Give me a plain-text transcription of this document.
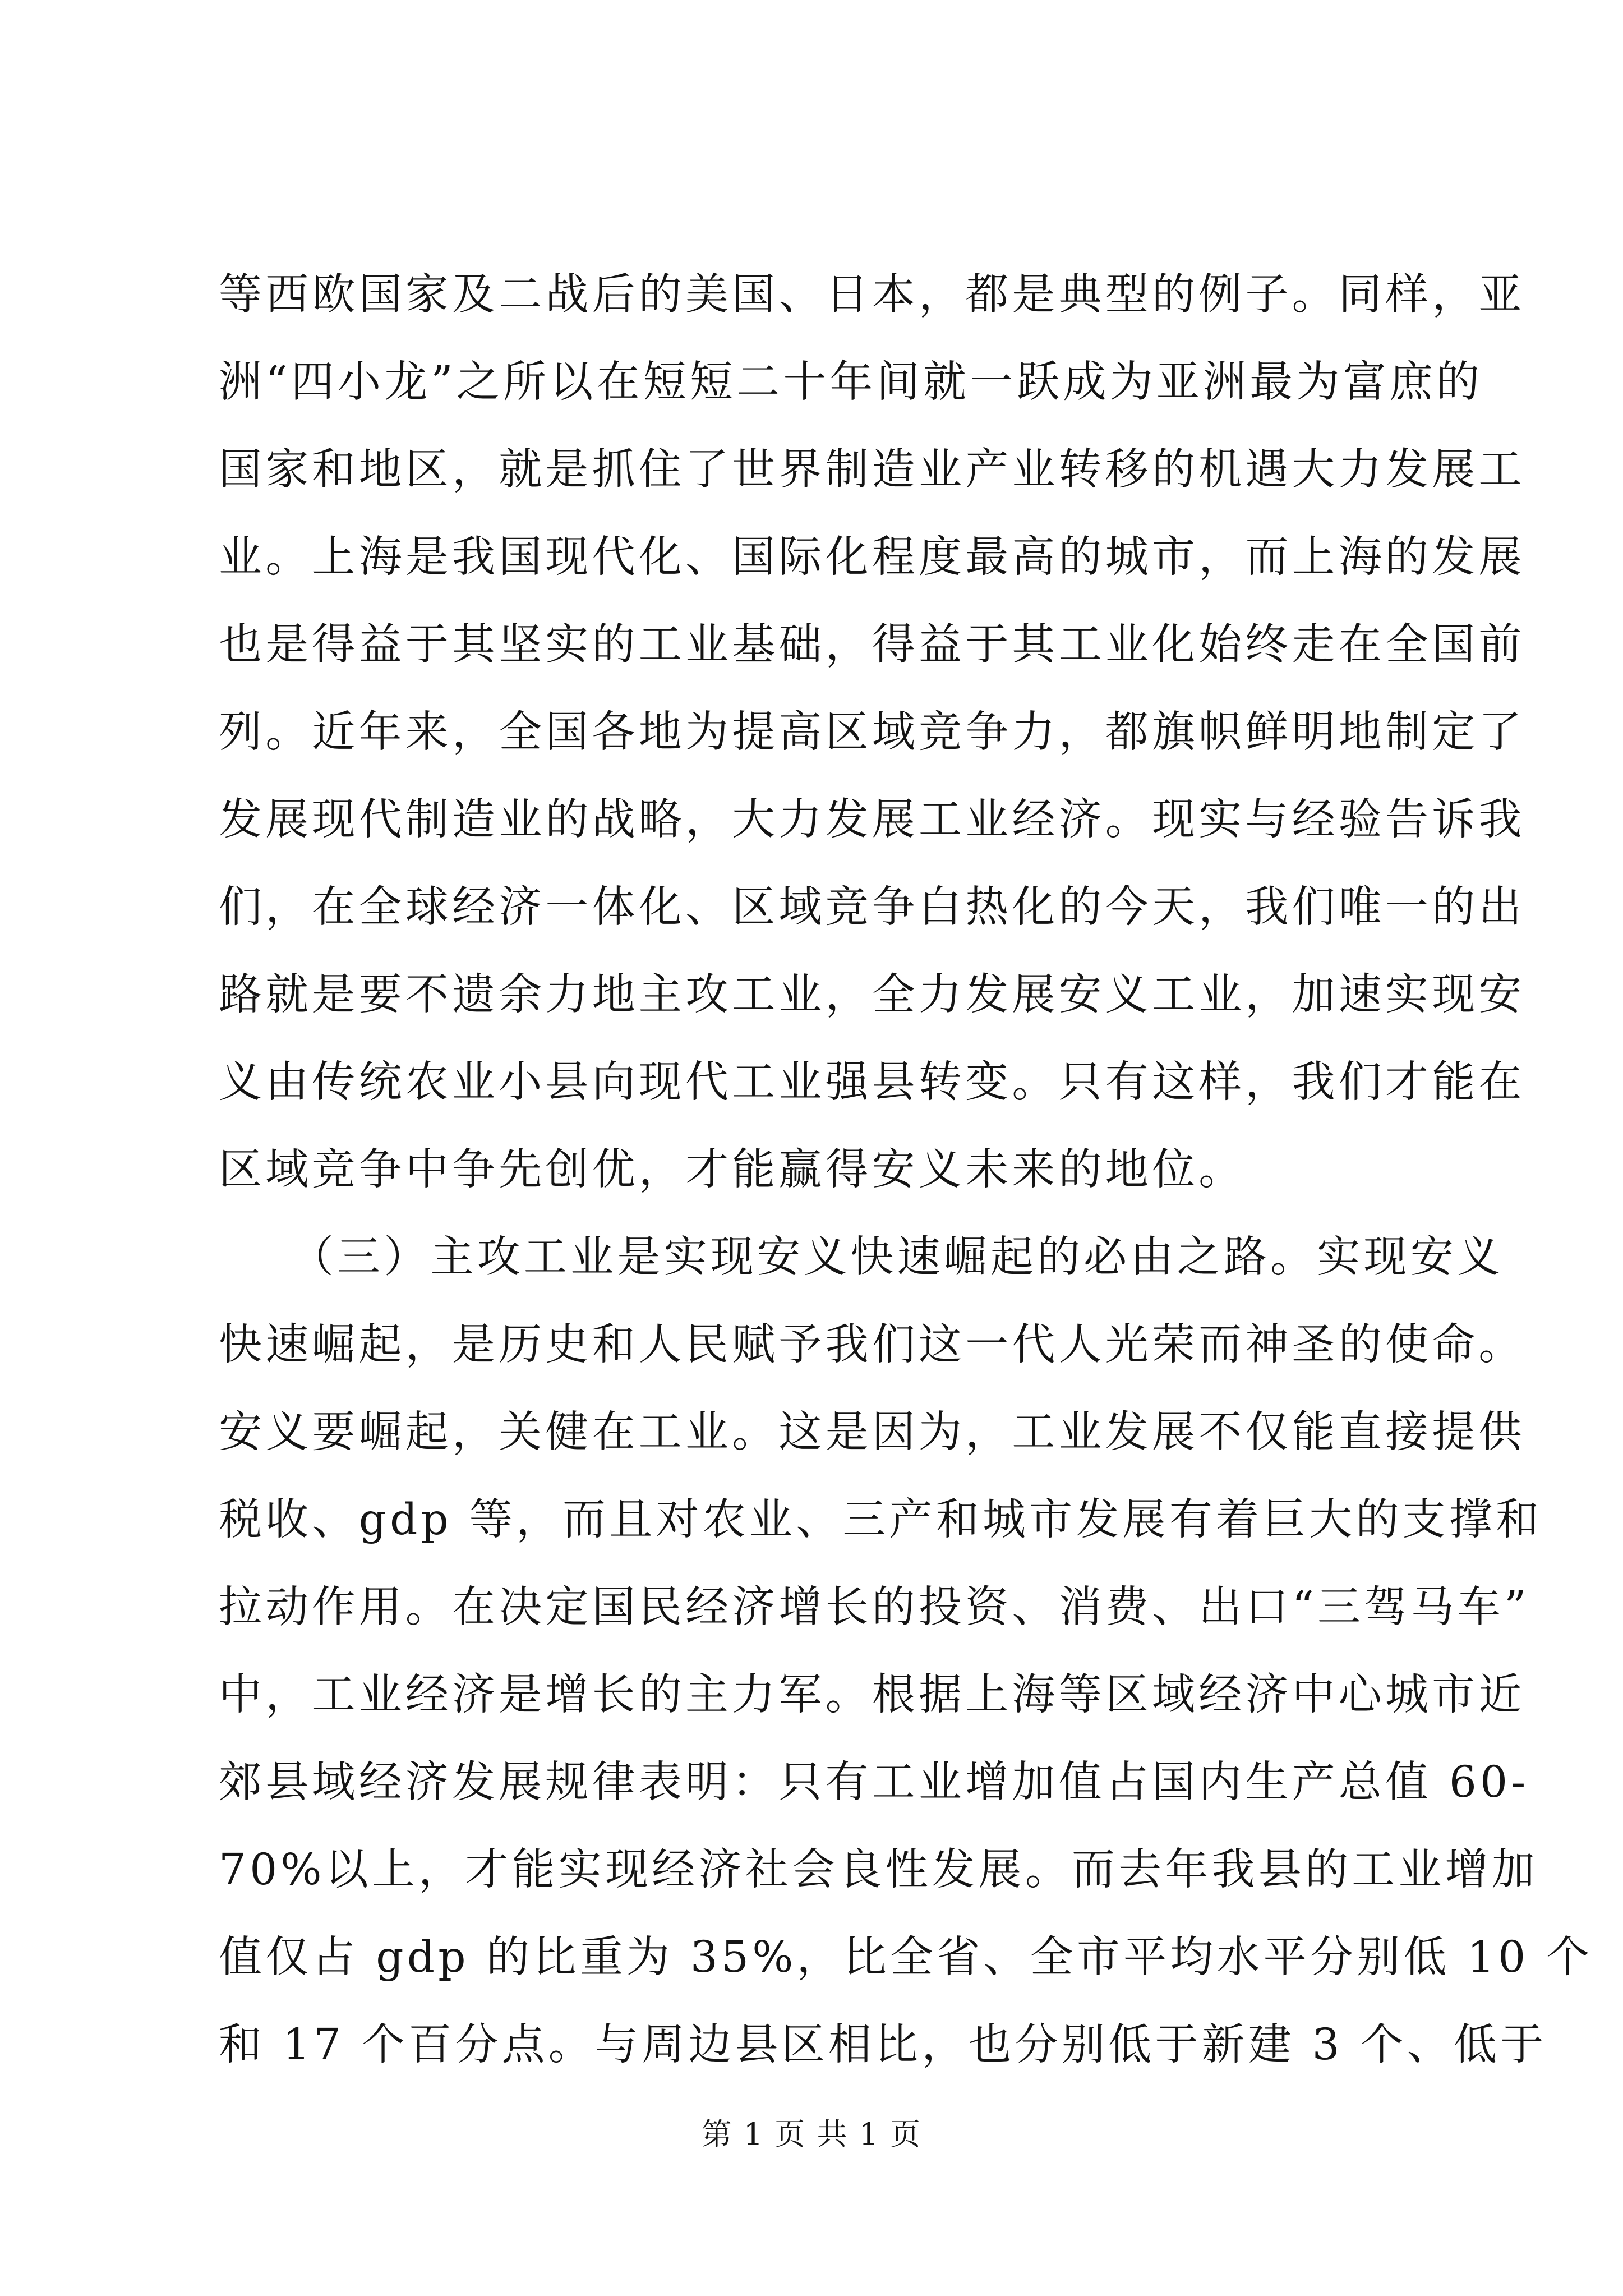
等西欧国家及二战后的美国、日本，都是典型的例子。同样，亚
洲“四小龙”之所以在短短二十年间就一跃成为亚洲最为富庶的
国家和地区，就是抓住了世界制造业产业转移的机遇大力发展工
业。上海是我国现代化、国际化程度最高的城市，而上海的发展
也是得益于其坚实的工业基础，得益于其工业化始终走在全国前
列。近年来，全国各地为提高区域竞争力，都旗帜鲜明地制定了
发展现代制造业的战略，大力发展工业经济。现实与经验告诉我
们，在全球经济一体化、区域竞争白热化的今天，我们唯一的出
路就是要不遗余力地主攻工业，全力发展安义工业，加速实现安
义由传统农业小县向现代工业强县转变。只有这样，我们才能在
区域竞争中争先创优，才能赢得安义未来的地位。
　　（三）主攻工业是实现安义快速崛起的必由之路。实现安义
快速崛起，是历史和人民赋予我们这一代人光荣而神圣的使命。
安义要崛起，关健在工业。这是因为，工业发展不仅能直接提供
税收、gdp 等，而且对农业、三产和城市发展有着巨大的支撑和
拉动作用。在决定国民经济增长的投资、消费、出口“三驾马车”
中，工业经济是增长的主力军。根据上海等区域经济中心城市近
郊县域经济发展规律表明：只有工业增加值占国内生产总值 60-
70%以上，才能实现经济社会良性发展。而去年我县的工业增加
值仅占 gdp 的比重为 35%，比全省、全市平均水平分别低 10 个
和 17 个百分点。与周边县区相比，也分别低于新建 3 个、低于
第 1 页 共 1 页
